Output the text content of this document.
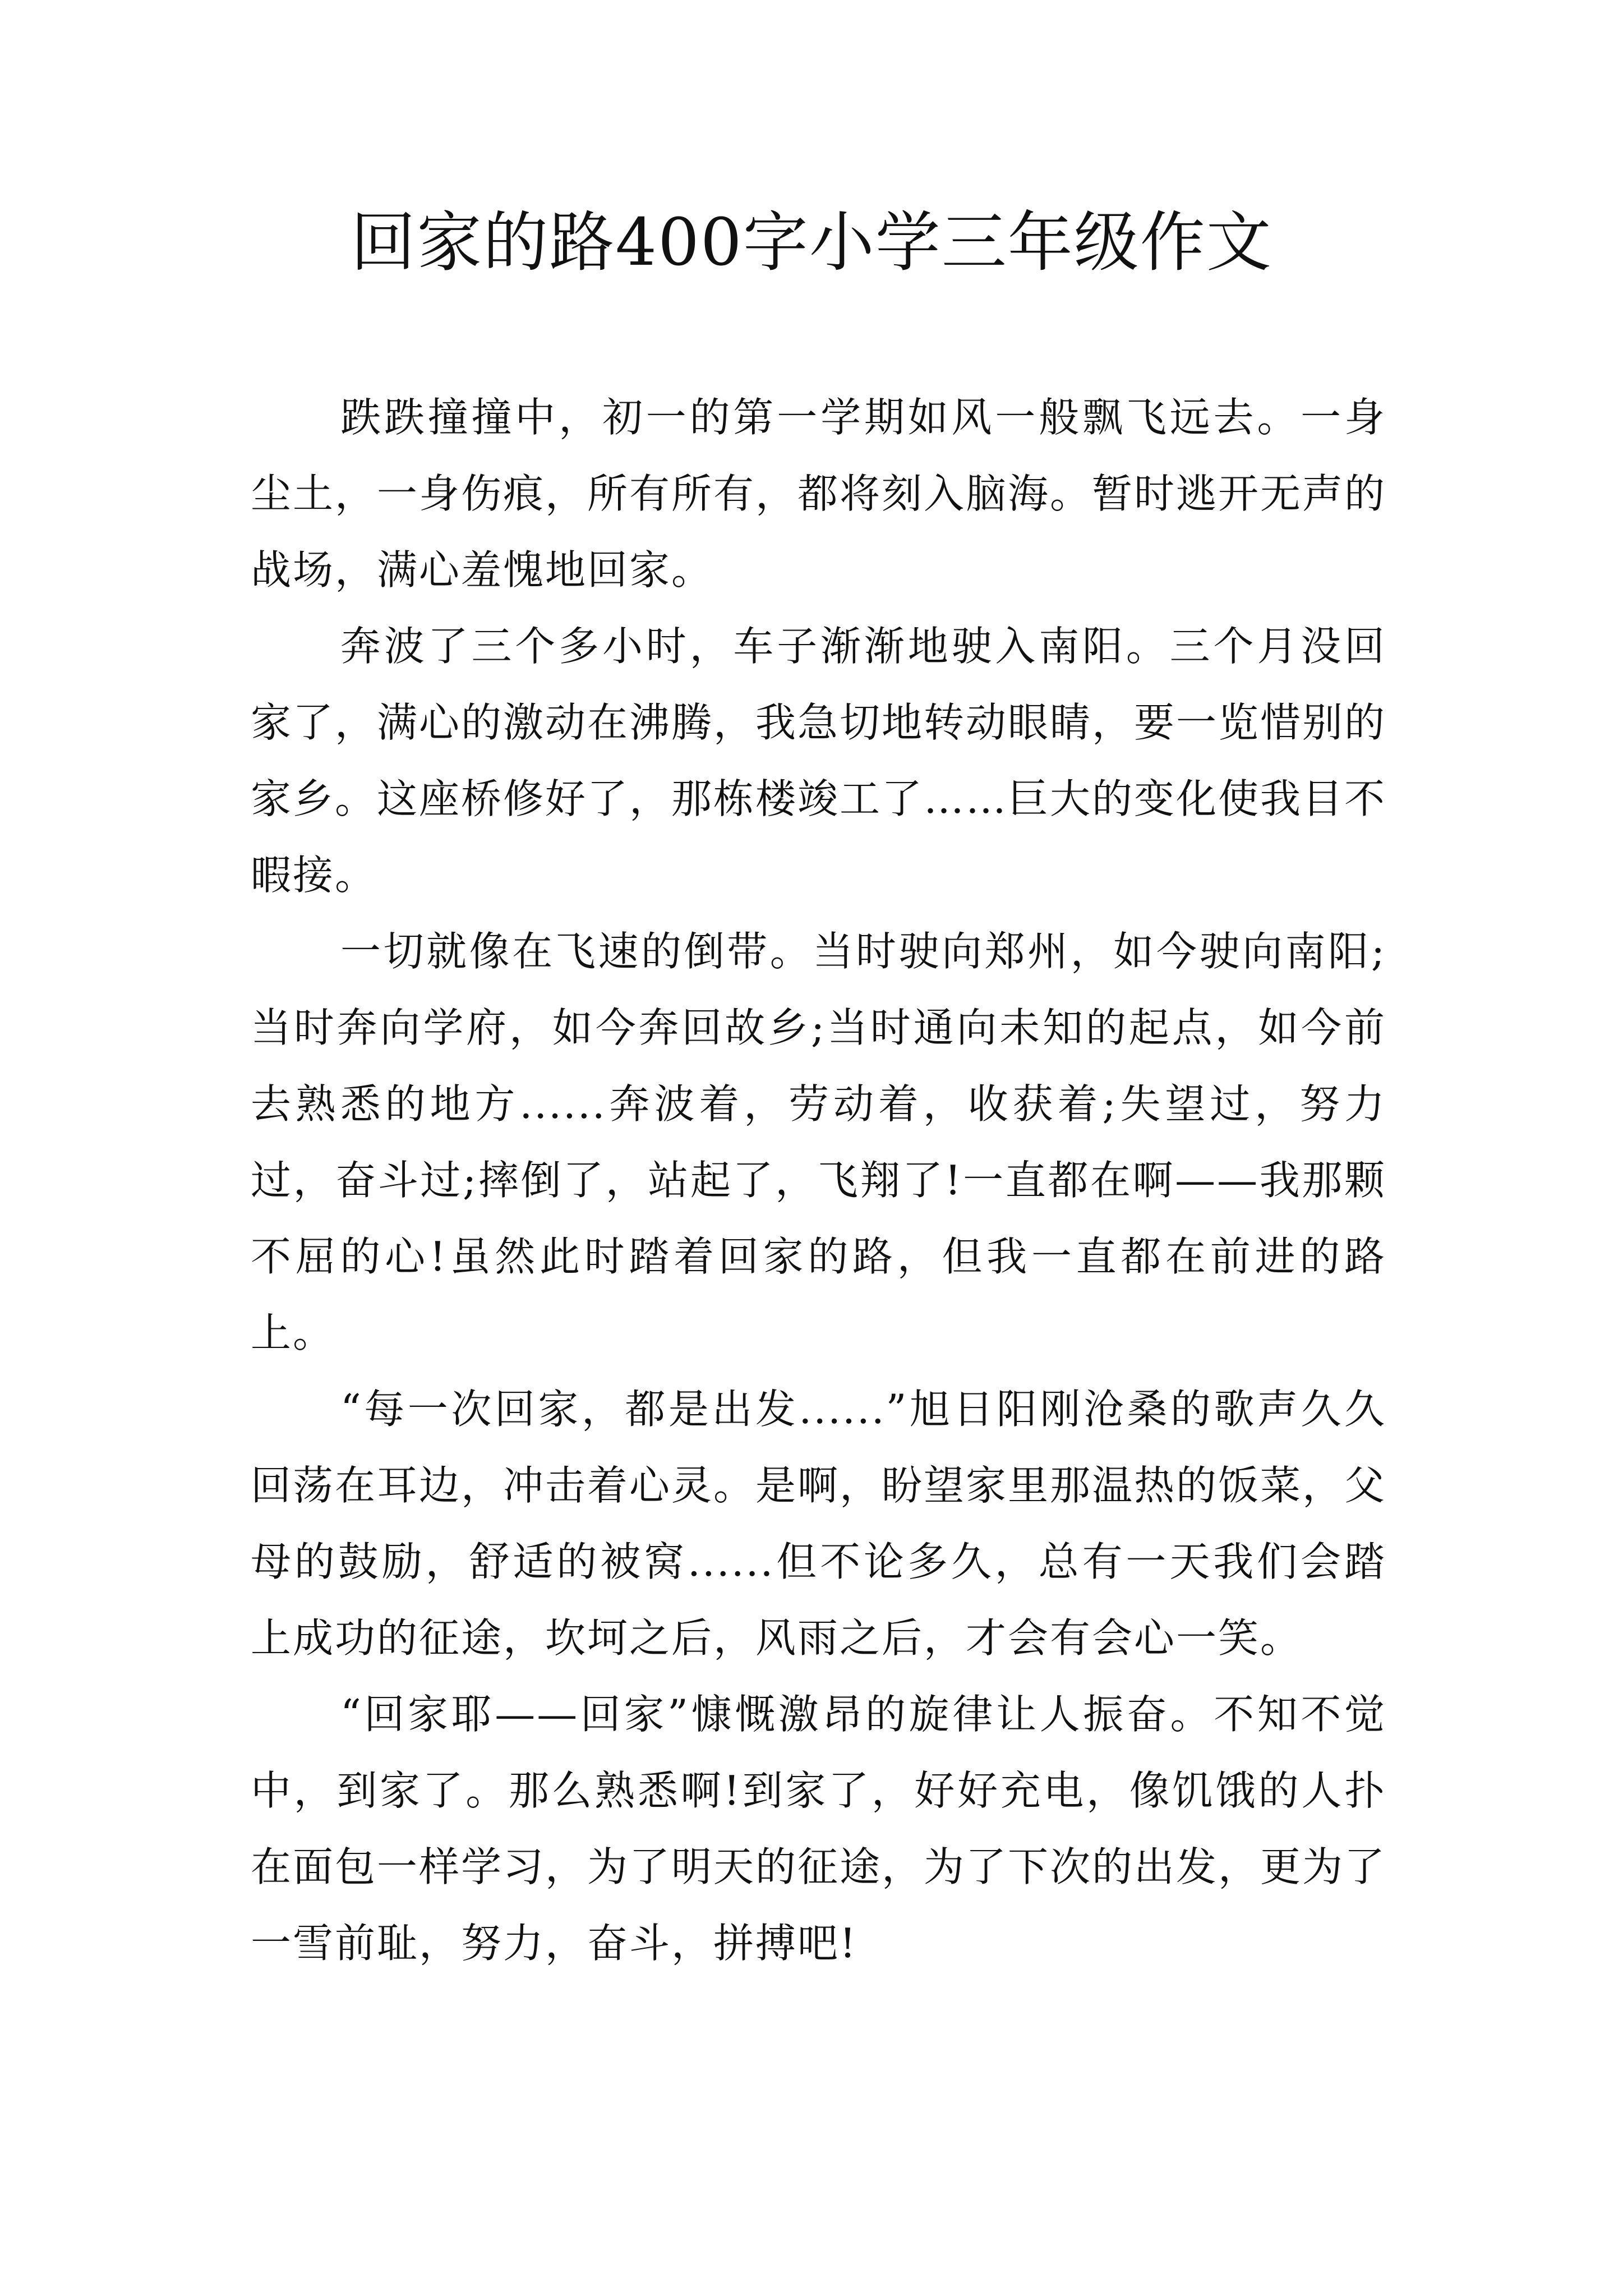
回家的路400字小学三年级作文

跌跌撞撞中，初一的第一学期如风一般飘飞远去。一身尘土，一身伤痕，所有所有，都将刻入脑海。暂时逃开无声的战场，满心羞愧地回家。

奔波了三个多小时，车子渐渐地驶入南阳。三个月没回家了，满心的激动在沸腾，我急切地转动眼睛，要一览惜别的家乡。这座桥修好了，那栋楼竣工了……巨大的变化使我目不暇接。

一切就像在飞速的倒带。当时驶向郑州，如今驶向南阳;当时奔向学府，如今奔回故乡;当时通向未知的起点，如今前去熟悉的地方......奔波着，劳动着，收获着;失望过，努力过，奋斗过;摔倒了，站起了，飞翔了!一直都在啊——我那颗不屈的心!虽然此时踏着回家的路，但我一直都在前进的路上。

“每一次回家，都是出发......”旭日阳刚沧桑的歌声久久回荡在耳边，冲击着心灵。是啊，盼望家里那温热的饭菜，父母的鼓励，舒适的被窝......但不论多久，总有一天我们会踏上成功的征途，坎坷之后，风雨之后，才会有会心一笑。

“回家耶——回家”慷慨激昂的旋律让人振奋。不知不觉中，到家了。那么熟悉啊!到家了，好好充电，像饥饿的人扑在面包一样学习，为了明天的征途，为了下次的出发，更为了一雪前耻，努力，奋斗，拼搏吧!
